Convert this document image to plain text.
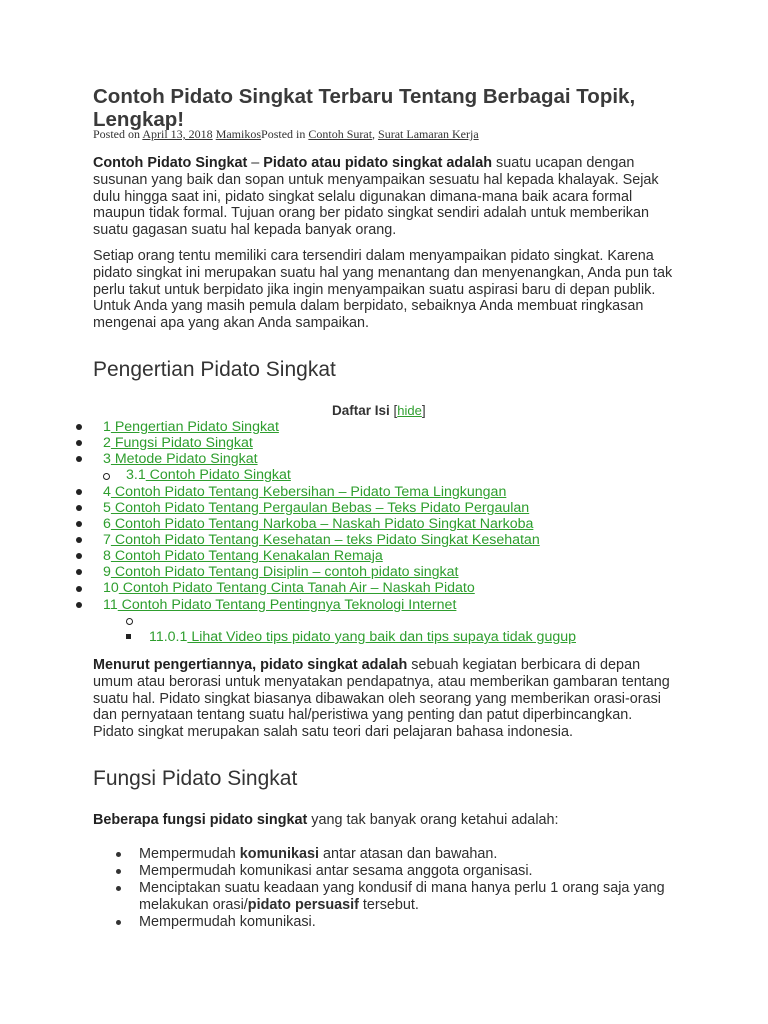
Contoh Pidato Singkat Terbaru Tentang Berbagai Topik, Lengkap!
Posted on April 13, 2018 MamikosPosted in Contoh Surat, Surat Lamaran Kerja

Contoh Pidato Singkat – Pidato atau pidato singkat adalah suatu ucapan dengan susunan yang baik dan sopan untuk menyampaikan sesuatu hal kepada khalayak. Sejak dulu hingga saat ini, pidato singkat selalu digunakan dimana-mana baik acara formal maupun tidak formal. Tujuan orang ber pidato singkat sendiri adalah untuk memberikan suatu gagasan suatu hal kepada banyak orang.

Setiap orang tentu memiliki cara tersendiri dalam menyampaikan pidato singkat. Karena pidato singkat ini merupakan suatu hal yang menantang dan menyenangkan, Anda pun tak perlu takut untuk berpidato jika ingin menyampaikan suatu aspirasi baru di depan publik. Untuk Anda yang masih pemula dalam berpidato, sebaiknya Anda membuat ringkasan mengenai apa yang akan Anda sampaikan.

Pengertian Pidato Singkat
Daftar Isi [hide]
1 Pengertian Pidato Singkat
2 Fungsi Pidato Singkat
3 Metode Pidato Singkat
3.1 Contoh Pidato Singkat
4 Contoh Pidato Tentang Kebersihan – Pidato Tema Lingkungan
5 Contoh Pidato Tentang Pergaulan Bebas – Teks Pidato Pergaulan
6 Contoh Pidato Tentang Narkoba – Naskah Pidato Singkat Narkoba
7 Contoh Pidato Tentang Kesehatan – teks Pidato Singkat Kesehatan
8 Contoh Pidato Tentang Kenakalan Remaja
9 Contoh Pidato Tentang Disiplin – contoh pidato singkat
10 Contoh Pidato Tentang Cinta Tanah Air – Naskah Pidato
11 Contoh Pidato Tentang Pentingnya Teknologi Internet
11.0.1 Lihat Video tips pidato yang baik dan tips supaya tidak gugup

Menurut pengertiannya, pidato singkat adalah sebuah kegiatan berbicara di depan umum atau berorasi untuk menyatakan pendapatnya, atau memberikan gambaran tentang suatu hal. Pidato singkat biasanya dibawakan oleh seorang yang memberikan orasi-orasi dan pernyataan tentang suatu hal/peristiwa yang penting dan patut diperbincangkan. Pidato singkat merupakan salah satu teori dari pelajaran bahasa indonesia.

Fungsi Pidato Singkat

Beberapa fungsi pidato singkat yang tak banyak orang ketahui adalah:

Mempermudah komunikasi antar atasan dan bawahan.
Mempermudah komunikasi antar sesama anggota organisasi.
Menciptakan suatu keadaan yang kondusif di mana hanya perlu 1 orang saja yang melakukan orasi/pidato persuasif tersebut.
Mempermudah komunikasi.
